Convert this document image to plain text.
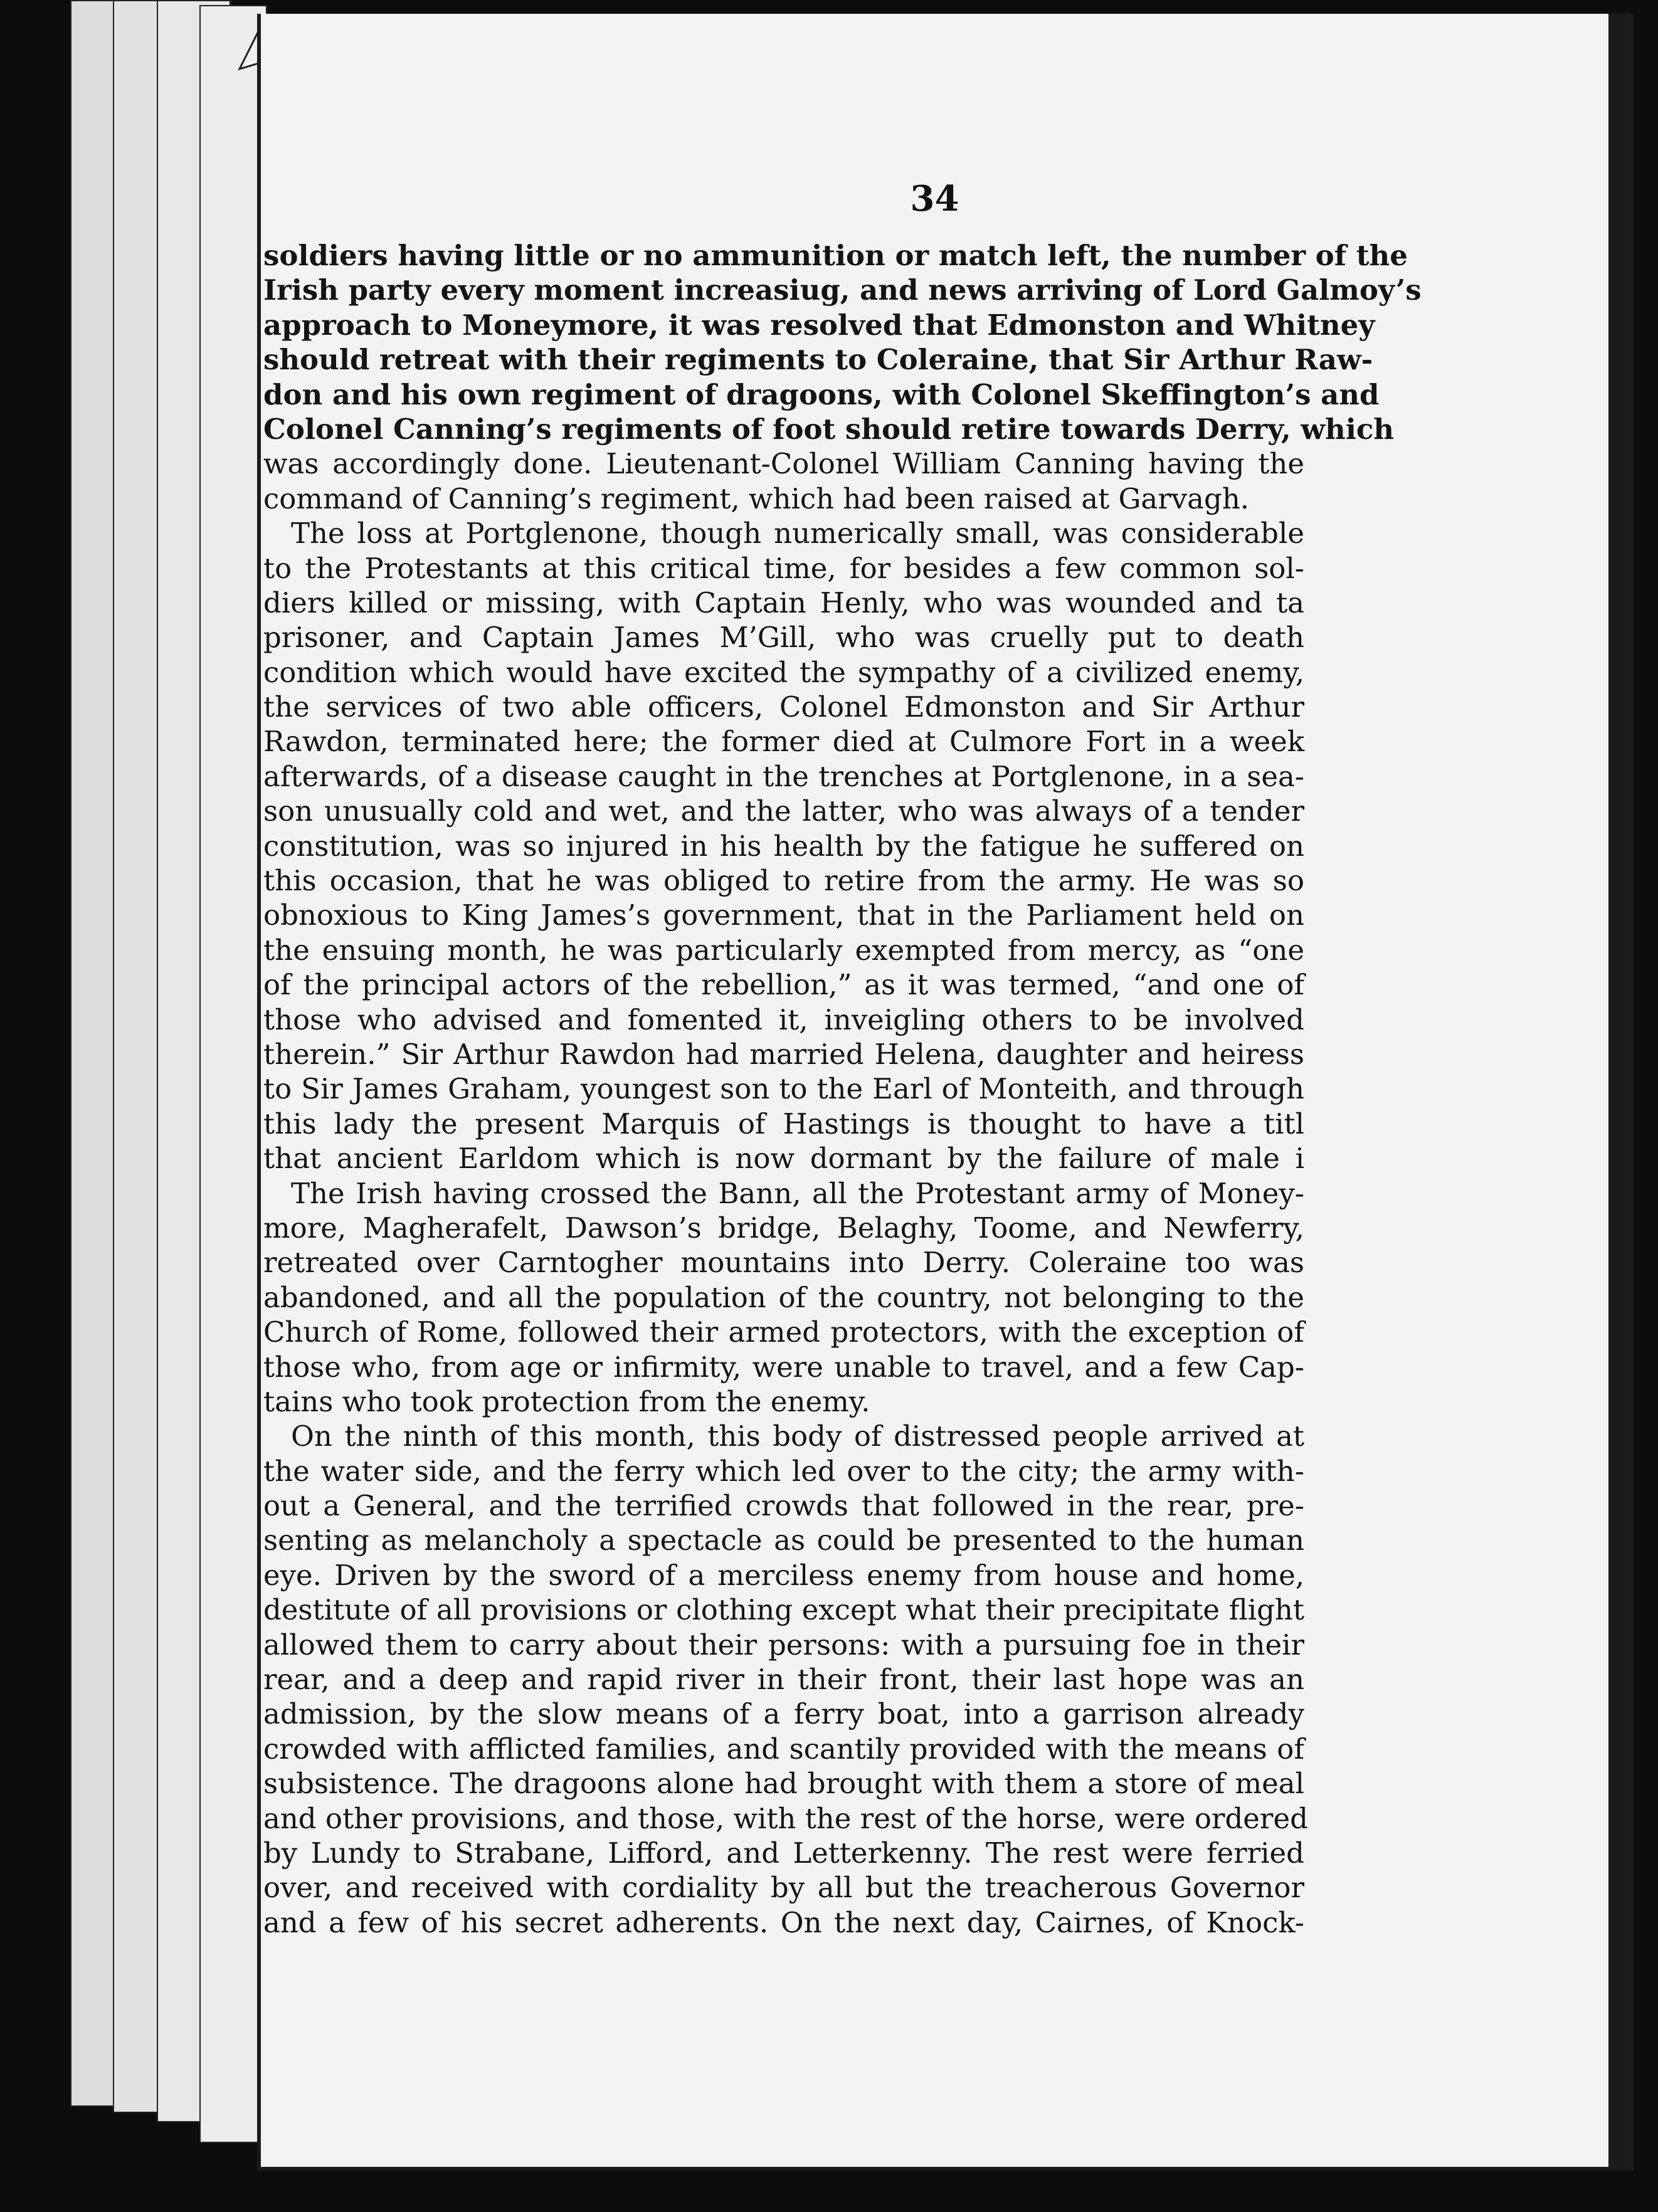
34
soldiers having little or no ammunition or match left, the number of the
Irish party every moment increasiug, and news arriving of Lord Galmoy’s
approach to Moneymore, it was resolved that Edmonston and Whitney
should retreat with their regiments to Coleraine, that Sir Arthur Raw-
don and his own regiment of dragoons, with Colonel Skeffington’s and
Colonel Canning’s regiments of foot should retire towards Derry, which
was accordingly done. Lieutenant-Colonel William Canning having the
command of Canning’s regiment, which had been raised at Garvagh.
The loss at Portglenone, though numerically small, was considerable
to the Protestants at this critical time, for besides a few common sol-
diers killed or missing, with Captain Henly, who was wounded and ta
prisoner, and Captain James M’Gill, who was cruelly put to death
condition which would have excited the sympathy of a civilized enemy,
the services of two able officers, Colonel Edmonston and Sir Arthur
Rawdon, terminated here; the former died at Culmore Fort in a week
afterwards, of a disease caught in the trenches at Portglenone, in a sea-
son unusually cold and wet, and the latter, who was always of a tender
constitution, was so injured in his health by the fatigue he suffered on
this occasion, that he was obliged to retire from the army. He was so
obnoxious to King James’s government, that in the Parliament held on
the ensuing month, he was particularly exempted from mercy, as “one
of the principal actors of the rebellion,” as it was termed, “and one of
those who advised and fomented it, inveigling others to be involved
therein.” Sir Arthur Rawdon had married Helena, daughter and heiress
to Sir James Graham, youngest son to the Earl of Monteith, and through
this lady the present Marquis of Hastings is thought to have a titl
that ancient Earldom which is now dormant by the failure of male i
The Irish having crossed the Bann, all the Protestant army of Money-
more, Magherafelt, Dawson’s bridge, Belaghy, Toome, and Newferry,
retreated over Carntogher mountains into Derry. Coleraine too was
abandoned, and all the population of the country, not belonging to the
Church of Rome, followed their armed protectors, with the exception of
those who, from age or infirmity, were unable to travel, and a few Cap-
tains who took protection from the enemy.
On the ninth of this month, this body of distressed people arrived at
the water side, and the ferry which led over to the city; the army with-
out a General, and the terrified crowds that followed in the rear, pre-
senting as melancholy a spectacle as could be presented to the human
eye. Driven by the sword of a merciless enemy from house and home,
destitute of all provisions or clothing except what their precipitate flight
allowed them to carry about their persons: with a pursuing foe in their
rear, and a deep and rapid river in their front, their last hope was an
admission, by the slow means of a ferry boat, into a garrison already
crowded with afflicted families, and scantily provided with the means of
subsistence. The dragoons alone had brought with them a store of meal
and other provisions, and those, with the rest of the horse, were ordered
by Lundy to Strabane, Lifford, and Letterkenny. The rest were ferried
over, and received with cordiality by all but the treacherous Governor
and a few of his secret adherents. On the next day, Cairnes, of Knock-
